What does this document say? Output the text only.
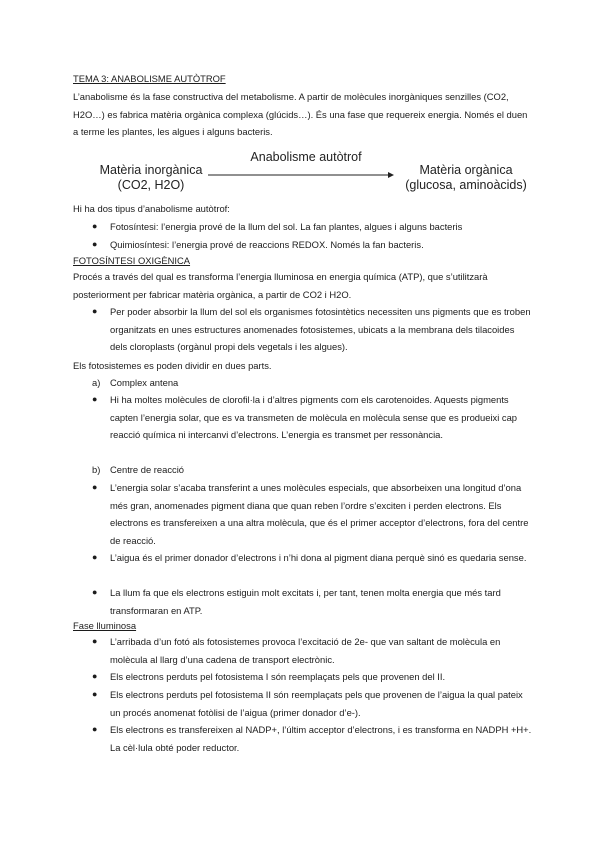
TEMA 3: ANABOLISME AUTÒTROF

L’anabolisme és la fase constructiva del metabolisme. A partir de molècules inorgàniques senzilles (CO2, H2O…) es fabrica matèria orgànica complexa (glúcids…). És una fase que requereix energia. Només el duen a terme les plantes, les algues i alguns bacteris.

Matèria inorgànica
(CO2, H2O)
Anabolisme autòtrof
Matèria orgànica
(glucosa, aminoàcids)

Hi ha dos tipus d’anabolisme autòtrof:

● Fotosíntesi: l’energia prové de la llum del sol. La fan plantes, algues i alguns bacteris

● Quimiosíntesi: l’energia prové de reaccions REDOX. Només la fan bacteris.

FOTOSÍNTESI OXIGÈNICA

Procés a través del qual es transforma l’energia lluminosa en energia química (ATP), que s’utilitzarà posteriorment per fabricar matèria orgànica, a partir de CO2 i H2O.

● Per poder absorbir la llum del sol els organismes fotosintètics necessiten uns pigments que es troben organitzats en unes estructures anomenades fotosistemes, ubicats a la membrana dels tilacoides dels cloroplasts (orgànul propi dels vegetals i les algues).

Els fotosistemes es poden dividir en dues parts.

a) Complex antena

● Hi ha moltes molècules de clorofil·la i d’altres pigments com els carotenoides. Aquests pigments capten l’energia solar, que es va transmeten de molècula en molècula sense que es produeixi cap reacció química ni intercanvi d’electrons. L’energia es transmet per ressonància.

b) Centre de reacció

● L’energia solar s’acaba transferint a unes molècules especials, que absorbeixen una longitud d’ona més gran, anomenades pigment diana que quan reben l’ordre s’exciten i perden electrons. Els electrons es transfereixen a una altra molècula, que és el primer acceptor d’electrons, fora del centre de reacció.

● L’aigua és el primer donador d’electrons i n’hi dona al pigment diana perquè sinó es quedaria sense.

● La llum fa que els electrons estiguin molt excitats i, per tant, tenen molta energia que més tard transformaran en ATP.

Fase lluminosa

● L’arribada d’un fotó als fotosistemes provoca l’excitació de 2e- que van saltant de molècula en molècula al llarg d’una cadena de transport electrònic.

● Els electrons perduts pel fotosistema I són reemplaçats pels que provenen del II.

● Els electrons perduts pel fotosistema II són reemplaçats pels que provenen de l’aigua la qual pateix un procés anomenat fotòlisi de l’aigua (primer donador d’e-).

● Els electrons es transfereixen al NADP+, l’últim acceptor d’electrons, i es transforma en NADPH +H+. La cèl·lula obté poder reductor.
